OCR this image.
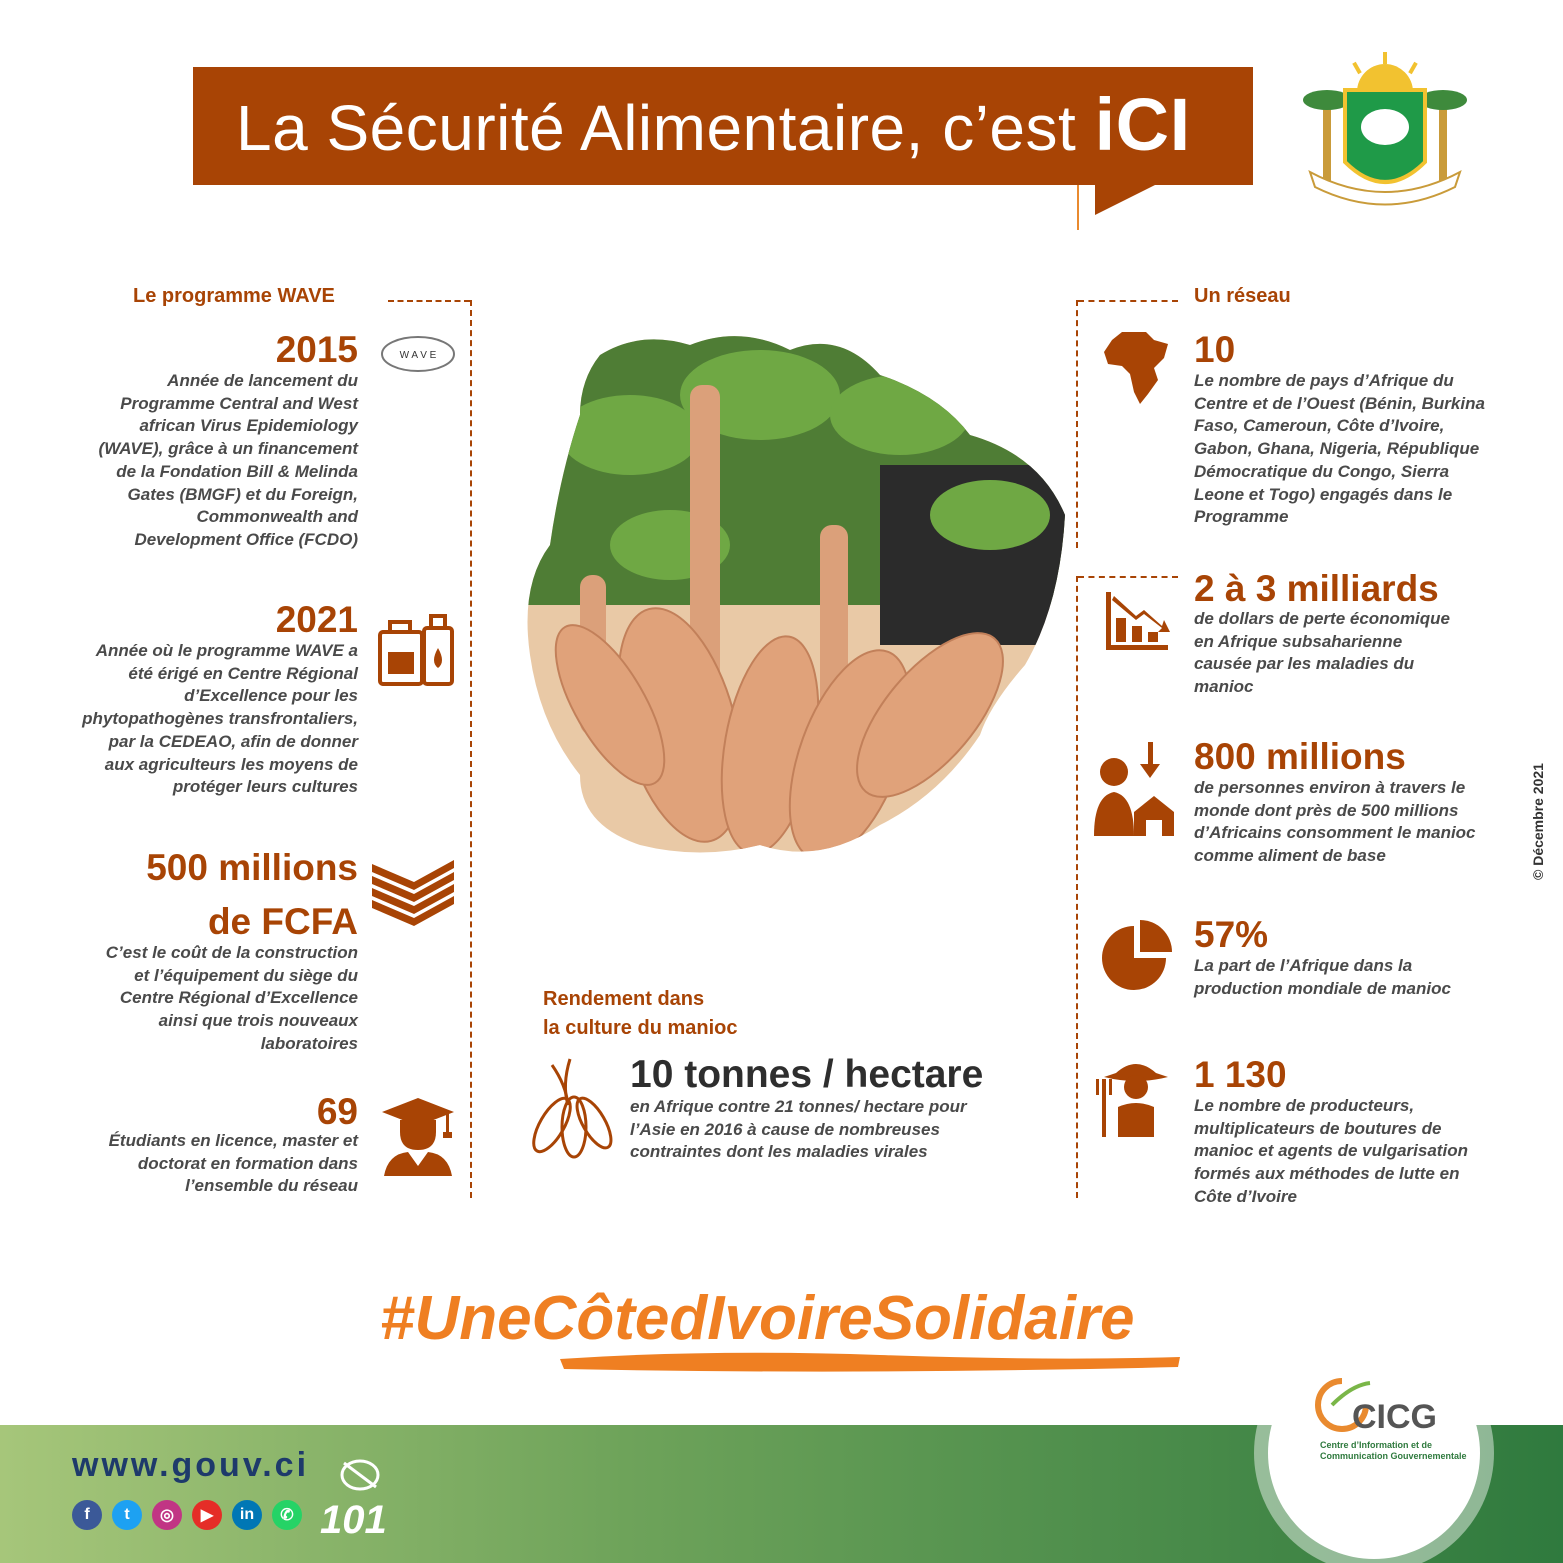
La Sécurité Alimentaire, c’est iCI
Le programme WAVE
2015	W A V E
Année de lancement du
Programme Central and West
african Virus Epidemiology
(WAVE), grâce à un financement
de la Fondation Bill & Melinda
Gates (BMGF) et du Foreign,
Commonwealth and
Development Office (FCDO)
2021
Année où le programme WAVE a
été érigé en Centre Régional
d’Excellence pour les
phytopathogènes transfrontaliers,
par la CEDEAO, afin de donner
aux agriculteurs les moyens de
protéger leurs cultures
500 millions
de FCFA
C’est le coût de la construction
et l’équipement du siège du
Centre Régional d’Excellence
ainsi que trois nouveaux
laboratoires
69
Étudiants en licence, master et
doctorat en formation dans
l’ensemble du réseau
Rendement dans
la culture du manioc
10 tonnes / hectare
en Afrique contre 21 tonnes/ hectare pour
l’Asie en 2016 à cause de nombreuses
contraintes dont les maladies virales
Un réseau
10
Le nombre de pays d’Afrique du
Centre et de l’Ouest (Bénin, Burkina
Faso, Cameroun, Côte d’Ivoire,
Gabon, Ghana, Nigeria, République
Démocratique du Congo, Sierra
Leone et Togo) engagés dans le
Programme
2 à 3 milliards
de dollars de perte économique
en Afrique subsaharienne
causée par les maladies du
manioc
800 millions
de personnes environ à travers le
monde dont près de 500 millions
d’Africains consomment le manioc
comme aliment de base
57%
La part de l’Afrique dans la
production mondiale de manioc
1 130
Le nombre de producteurs,
multiplicateurs de boutures de
manioc et agents de vulgarisation
formés aux méthodes de lutte en
Côte d’Ivoire
© Décembre 2021
#UneCôtedIvoireSolidaire
www.gouv.ci
f	t	◎	▶	in	✆ 101
CICG
Centre d’Information et de
Communication Gouvernementale
